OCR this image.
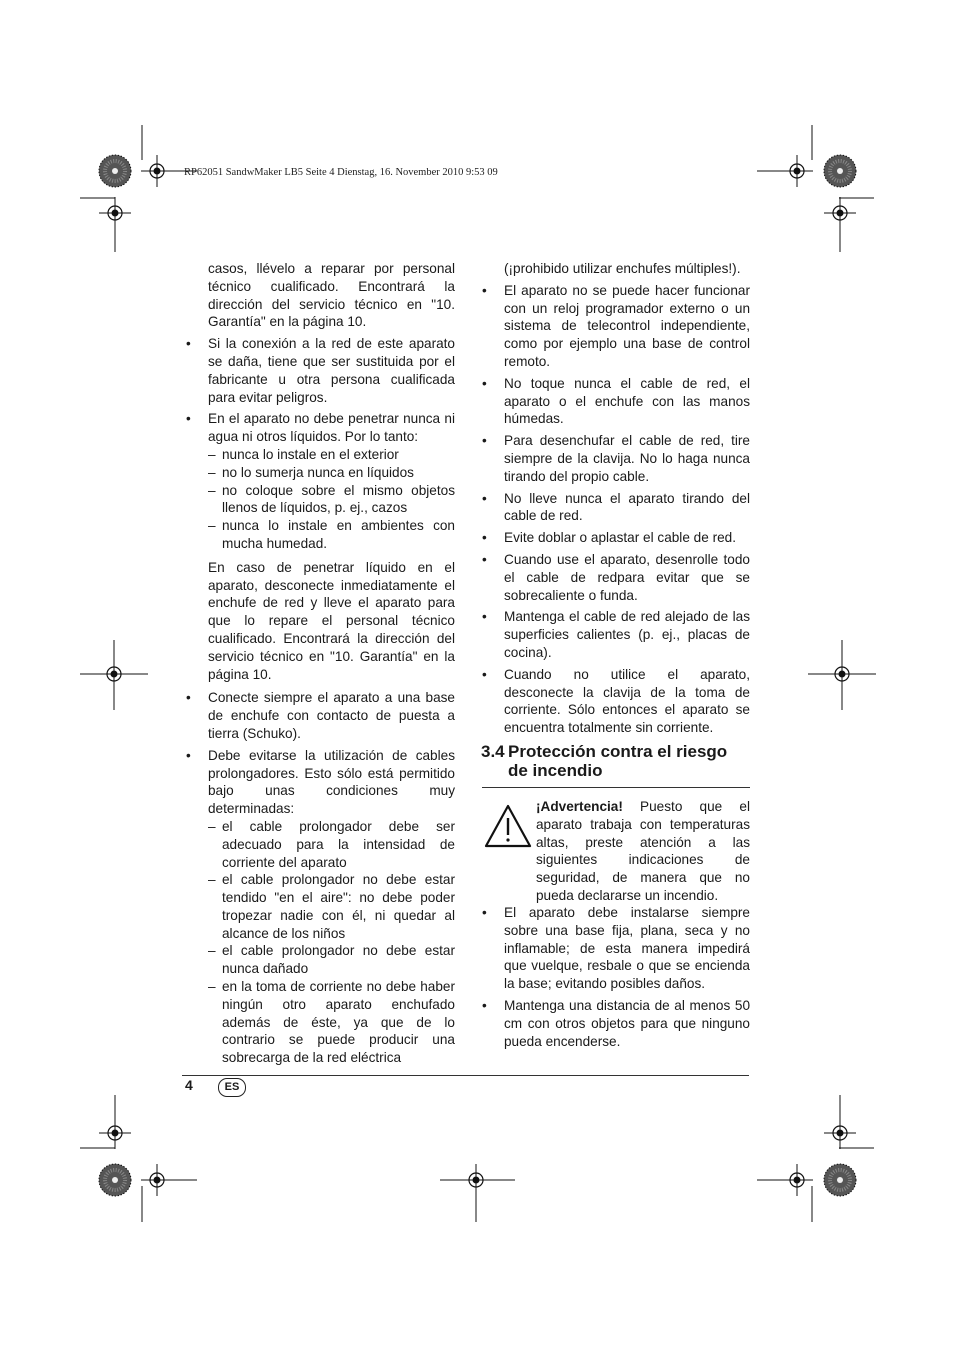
RP62051 SandwMaker LB5 Seite 4 Dienstag, 16. November 2010 9:53 09

casos, llévelo a reparar por personal técnico cualificado. Encontrará la dirección del servicio técnico en "10. Garantía" en la página 10.

• Si la conexión a la red de este aparato se daña, tiene que ser sustituida por el fabricante u otra persona cualificada para evitar peligros.

• En el aparato no debe penetrar nunca ni agua ni otros líquidos. Por lo tanto:

– nunca lo instale en el exterior

– no lo sumerja nunca en líquidos

– no coloque sobre el mismo objetos llenos de líquidos, p. ej., cazos

– nunca lo instale en ambientes con mucha humedad.

En caso de penetrar líquido en el aparato, desconecte inmediatamente el enchufe de red y lleve el aparato para que lo repare el personal técnico cualificado. Encontrará la dirección del servicio técnico en "10. Garantía" en la página 10.

• Conecte siempre el aparato a una base de enchufe con contacto de puesta a tierra (Schuko).

• Debe evitarse la utilización de cables prolongadores. Esto sólo está permitido bajo unas condiciones muy determinadas:

– el cable prolongador debe ser adecuado para la intensidad de corriente del aparato

– el cable prolongador no debe estar tendido "en el aire": no debe poder tropezar nadie con él, ni quedar al alcance de los niños

– el cable prolongador no debe estar nunca dañado

– en la toma de corriente no debe haber ningún otro aparato enchufado además de éste, ya que de lo contrario se puede producir una sobrecarga de la red eléctrica

(¡prohibido utilizar enchufes múltiples!).

• El aparato no se puede hacer funcionar con un reloj programador externo o un sistema de telecontrol independiente, como por ejemplo una base de control remoto.

• No toque nunca el cable de red, el aparato o el enchufe con las manos húmedas.

• Para desenchufar el cable de red, tire siempre de la clavija. No lo haga nunca tirando del propio cable.

• No lleve nunca el aparato tirando del cable de red.

• Evite doblar o aplastar el cable de red.

• Cuando use el aparato, desenrolle todo el cable de redpara evitar que se sobrecaliente o funda.

• Mantenga el cable de red alejado de las superficies calientes (p. ej., placas de cocina).

• Cuando no utilice el aparato, desconecte la clavija de la toma de corriente. Sólo entonces el aparato se encuentra totalmente sin corriente.

3.4 Protección contra el riesgo de incendio
¡Advertencia! Puesto que el aparato trabaja con temperaturas altas, preste atención a las siguientes indicaciones de seguridad, de manera que no pueda declararse un incendio.

• El aparato debe instalarse siempre sobre una base fija, plana, seca y no inflamable; de esta manera impedirá que vuelque, resbale o que se encienda la base; evitando posibles daños.

• Mantenga una distancia de al menos 50 cm con otros objetos para que ninguno pueda encenderse.

4	ES
